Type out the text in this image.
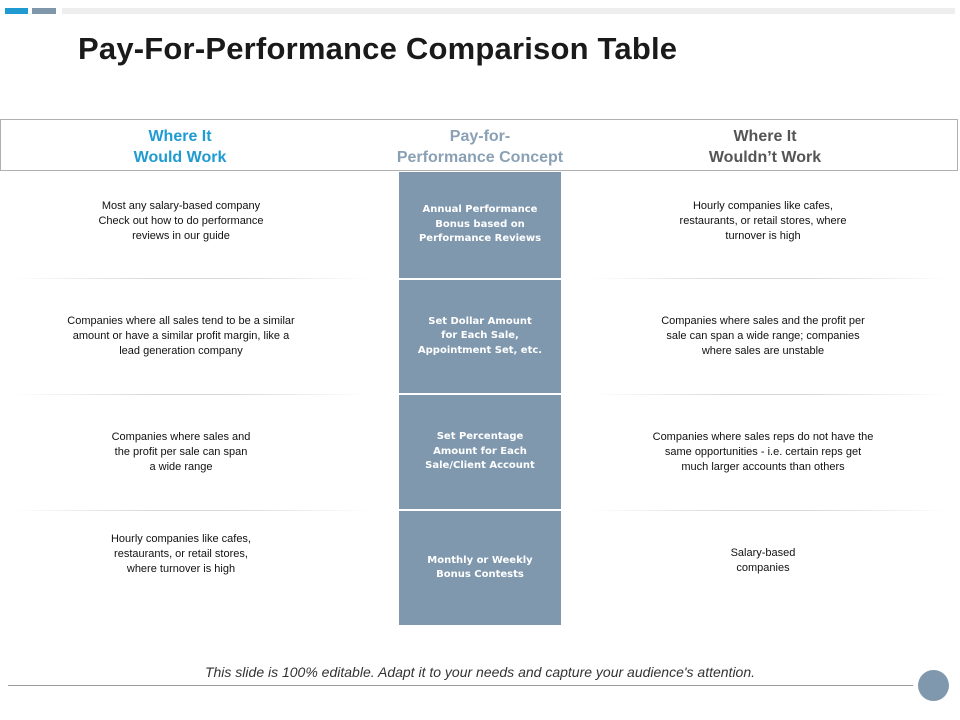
Pay-For-Performance Comparison Table
Where It
Would Work
Pay-for-
Performance Concept
Where It
Wouldn’t Work
Annual Performance
Bonus based on
Performance Reviews
Set Dollar Amount
for Each Sale,
Appointment Set, etc.
Set Percentage
Amount for Each
Sale/Client Account
Monthly or Weekly
Bonus Contests
Most any salary-based company
Check out how to do performance
reviews in our guide
Companies where all sales tend to be a similar
amount or have a similar profit margin, like a
lead generation company
Companies where sales and
the profit per sale can span
a wide range
Hourly companies like cafes,
restaurants, or retail stores,
where turnover is high
Hourly companies like cafes,
restaurants, or retail stores, where
turnover is high
Companies where sales and the profit per
sale can span a wide range; companies
where sales are unstable
Companies where sales reps do not have the
same opportunities - i.e. certain reps get
much larger accounts than others
Salary-based
companies
This slide is 100% editable. Adapt it to your needs and capture your audience's attention.
